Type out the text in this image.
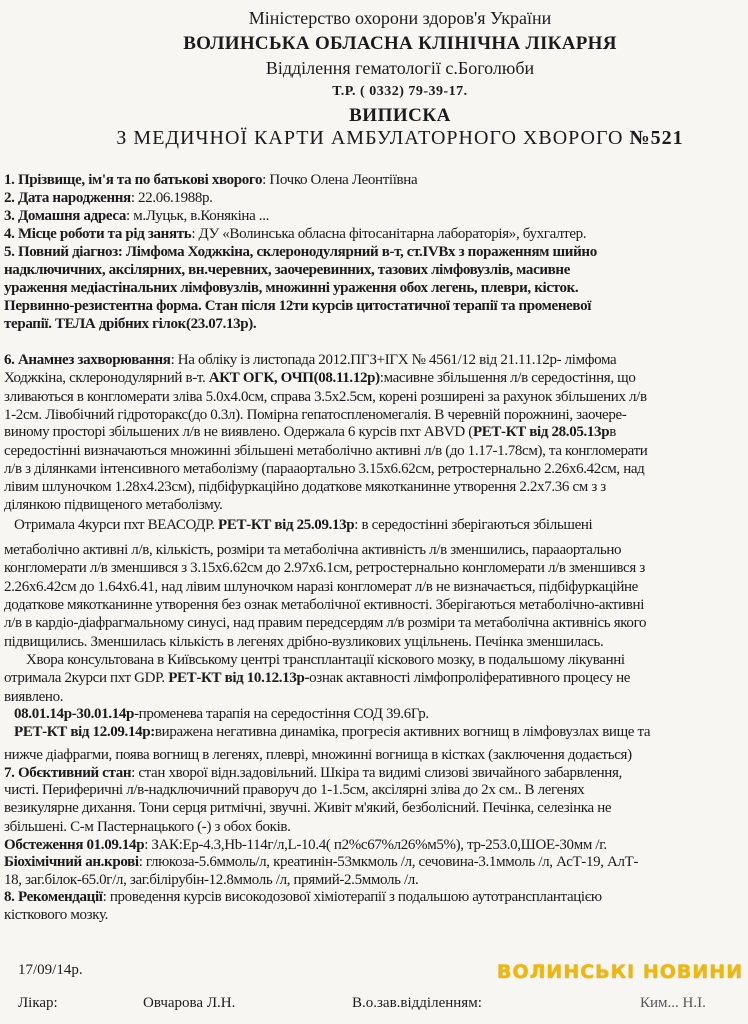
Міністерство охорони здоров'я України
ВОЛИНСЬКА ОБЛАСНА КЛІНІЧНА ЛІКАРНЯ
Відділення гематології с.Боголюби
Т.Р. ( 0332) 79-39-17.
ВИПИСКА
З МЕДИЧНОЇ КАРТИ АМБУЛАТОРНОГО ХВОРОГО №521
1. Прізвище, ім'я та по батькові хворого: Почко Олена Леонтіївна
2. Дата народження: 22.06.1988р.
3. Домашня адреса: м.Луцьк, в.Конякіна ...
4. Місце роботи та рід занять: ДУ «Волинська обласна фітосанітарна лабораторія», бухгалтер.
5. Повний діагноз: Лімфома Ходжкіна, склеронодулярний в-т, ст.IVBх з пораженням шийно
надключичних, аксілярних, вн.черевних, заочеревинних, тазових лімфовузлів, масивне
ураження медіастінальних лімфовузлів, множинні ураження обох легень, плеври, кісток.
Первинно-резистентна форма. Стан після 12ти курсів цитостатичної терапії та променевої
терапії. ТЕЛА дрібних гілок(23.07.13р).
6. Анамнез захворювання: На обліку із листопада 2012.ПГЗ+ІГХ № 4561/12 від 21.11.12р- лімфома
Ходжкіна, склеронодулярний в-т. АКТ ОГК, ОЧП(08.11.12р):масивне збільшення л/в середостіння, що
зливаються в конгломерати зліва 5.0х4.0см, справа 3.5х2.5см, корені розширені за рахунок збільшених л/в
1-2см. Лівобічний гідроторакс(до 0.3л). Помірна гепатоспленомегалія. В черевній порожнині, заочере-
виному просторі збільшених л/в не виявлено. Одержала 6 курсів пхт ABVD (РЕТ-КТ від 28.05.13рв
середостінні визначаються множинні збільшені метаболічно активні л/в (до 1.17-1.78см), та конгломерати
л/в з ділянками інтенсивного метаболізму (парааортально 3.15х6.62см, ретростернально 2.26х6.42см, над
лівим шлуночком 1.28х4.23см), підбіфуркаційно додаткове мякотканинне утворення 2.2х7.36 см з з
ділянкою підвищеного метаболізму.
Отримала 4курси пхт ВЕАСОДР. РЕТ-КТ від 25.09.13р: в середостінні зберігаються збільшені
метаболічно активні л/в, кількість, розміри та метаболічна активність л/в зменшились, парааортально
конгломерати л/в зменшився з 3.15х6.62см до 2.97х6.1см, ретростернально конгломерати л/в зменшився з
2.26х6.42см до 1.64х6.41, над лівим шлуночком наразі конгломерат л/в не визначається, підбіфуркаційне
додаткове мякотканинне утворення без ознак метаболічної ективності. Зберігаються метаболічно-активні
л/в в кардіо-діафрагмальному синусі, над правим передсердям л/в розміри та метаболічна активнісь якого
підвищились. Зменшилась кількість в легенях дрібно-вузликових ущільнень. Печінка зменшилась.
Хвора консультована в Київському центрі трансплантації кіскового мозку, в подальшому лікуванні
отримала 2курси пхт GDP. РЕТ-КТ від 10.12.13р-ознак актавності лімфопроліферативного процесу не
виявлено.
08.01.14р-30.01.14р-променева тарапія на середостіння СОД 39.6Гр.
РЕТ-КТ від 12.09.14р:виражена негативна динаміка, прогресія активних вогнищ в лімфовузлах вище та
нижче діафрагми, поява вогнищ в легенях, плеврі, множинні вогнища в кістках (заключення додається)
7. Обєктивний стан: стан хворої відн.задовільний. Шкіра та видимі слизові звичайного забарвлення,
чисті. Периферичні л/в-надключичний праворуч до 1-1.5см, аксілярні зліва до 2х см.. В легенях
везикулярне дихання. Тони серця ритмічні, звучні. Живіт м'який, безболісний. Печінка, селезінка не
збільшені. С-м Пастернацького (-) з обох боків.
Обстеження 01.09.14р: ЗАК:Ер-4.3,Hb-114г/л,L-10.4( п2%с67%л26%м5%), тр-253.0,ШОЕ-30мм /г.
Біохімічний ан.крові: глюкоза-5.6ммоль/л, креатинін-53мкмоль /л, сечовина-3.1ммоль /л, АсТ-19, АлТ-
18, заг.білок-65.0г/л, заг.білірубін-12.8ммоль /л, прямий-2.5ммоль /л.
8. Рекомендації: проведення курсів високодозової хіміотерапії з подальшою аутотрансплантацією
кісткового мозку.
17/09/14р.
Лікар:	Овчарова Л.Н.	В.о.зав.відділенням:	Ким... Н.І.
ВОЛИНСЬКІ НОВИНИ
